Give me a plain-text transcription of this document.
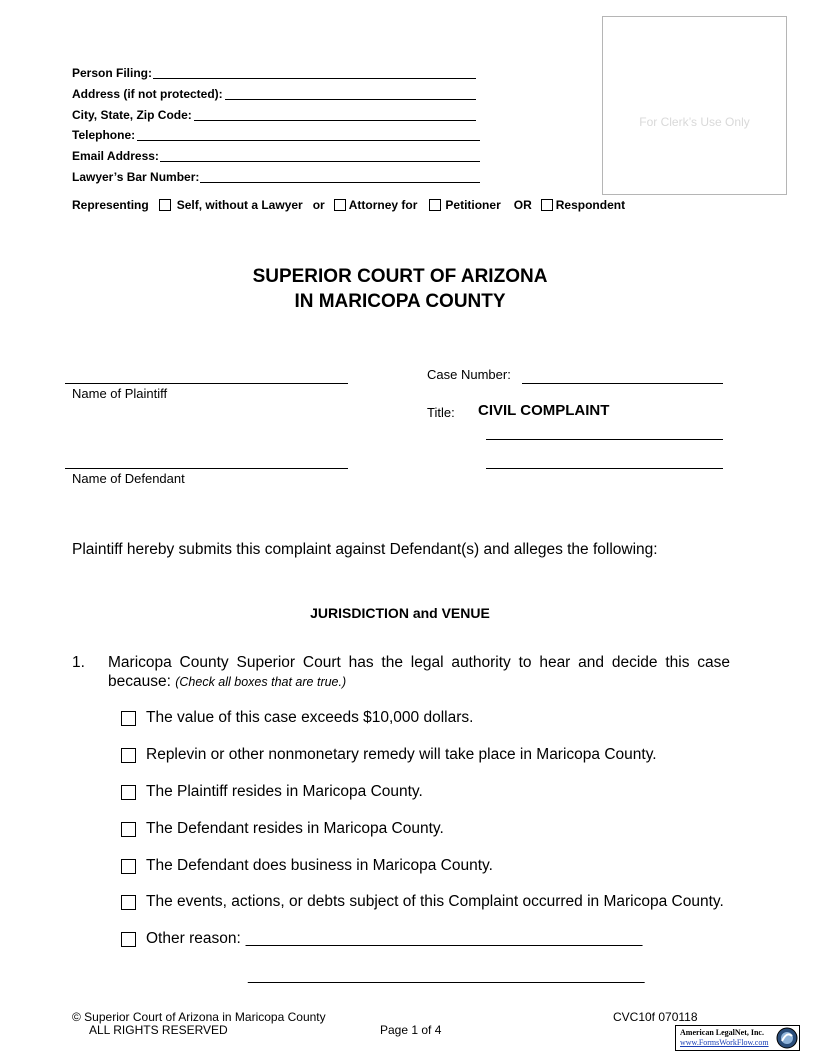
Person Filing:
Address (if not protected):
City, State, Zip Code:
Telephone:
Email Address:
Lawyer’s Bar Number:
For Clerk’s Use Only
Representing Self, without a Lawyer or Attorney for Petitioner OR Respondent
SUPERIOR COURT OF ARIZONA
IN MARICOPA COUNTY
Name of Plaintiff
Name of Defendant
Case Number:
Title: CIVIL COMPLAINT
Plaintiff hereby submits this complaint against Defendant(s) and alleges the following:
JURISDICTION and VENUE
1. Maricopa County Superior Court has the legal authority to hear and decide this case
because: (Check all boxes that are true.)
The value of this case exceeds $10,000 dollars.
Replevin or other nonmonetary remedy will take place in Maricopa County.
The Plaintiff resides in Maricopa County.
The Defendant resides in Maricopa County.
The Defendant does business in Maricopa County.
The events, actions, or debts subject of this Complaint occurred in Maricopa County.
Other reason: ______________________________________________
______________________________________________
© Superior Court of Arizona in Maricopa County
ALL RIGHTS RESERVED	Page 1 of 4
CVC10f 070118
American LegalNet, Inc.
www.FormsWorkFlow.com
